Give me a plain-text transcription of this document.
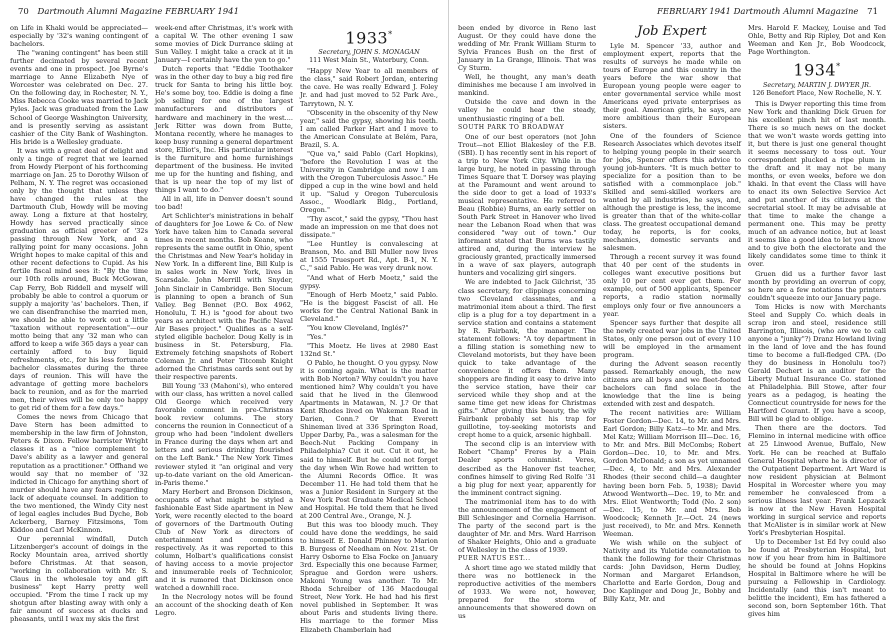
70 Dartmouth Alumni Magazine FEBRUARY 1941

on Life in Khaki would be appreciated—especially by '32's waning contingent of bachelors.

The "waning contingent" has been still further decimated by several recent events and one in prospect. Joe Byrne's marriage to Anne Elizabeth Nye of Worcester was celebrated on Dec. 27. On the following day, in Rochester, N. Y., Miss Rebecca Cooke was married to Jack Pyles. Jack was graduated from the Law School of George Washington University, and is presently serving as assistant cashier of the City Bank of Washington. His bride is a Wellesley graduate.

It was with a great deal of delight and only a tinge of regret that we learned from Howdy Pierpont of his forthcoming marriage on Jan. 25 to Dorothy Wilson of Pelham, N. Y. The regret was occasioned only by the thought that unless they have changed the rules at the Dartmouth Club, Howdy will be moving away. Long a fixture at that hostelry, Howdy has served practically since graduation as official greeter of '32s passing through New York, and a rallying point for many occasions. John Wright hopes to make capital of this and other recent defections to Cupid. As his fertile fiscal mind sees it: "By the time our 10th rolls around, Buck McGowan, Cap Ferry, Bob Riddell and myself will probably be able to control a quorum or supply a majority 'as' bachelors. Then, if we can disenfranchise the married men, we should be able to work out a little "taxation without representation"—our motto being that any '32 man who can afford to keep a wife 365 days a year can certainly afford to buy liquid refreshments, etc., for his less fortunate bachelor classmates during the three days of reunion. This will have the advantage of getting more bachelors back to reunion, and as for the married men, their wives will be only too happy to get rid of them for a few days."

Comes the news from Chicago that Dave Stern has been admitted to membership in the law firm of Johnston, Peters & Dixon. Fellow barrister Wright classes it as a "nice complement to Dave's ability as a lawyer and general reputation as a practitioner." Offhand we would say that no member of '32 indicted in Chicago for anything short of murder should have any fears regarding lack of adequate counsel. In addition to the two mentioned, the Windy City nest of legal eagles includes Bud Dyche, Bob Ackerberg, Barney Fitzsimons, Tom Kiddoo and Carl McKinnon.

Our perennial windfall, Dutch Litzenberger's account of doings in the Rocky Mountain area, arrived shortly before Christmas. At that season, "working in collaboration with Mr. S. Claus in the wholesale toy and gift business" kept Harry pretty well occupied. "From the time I rack up my shotgun after blasting away with only a fair amount of success at ducks and pheasants, until I wax my skis the first

week-end after Christmas, it's work with a capital W. The other evening I saw some movies of Dick Durrance skiing at Sun Valley. I might take a crack at it in January—I certainly have the yen to go."

Dutch reports that "Eddie Toothaker was in the other day to buy a big red fire truck for Santa to bring his little boy. He's some boy, too. Eddie is doing a fine job selling for one of the largest manufacturers and distributors of hardware and machinery in the west.... Jerk Ritter was down from Butte, Montana recently, where he manages to keep busy running a general department store, Elliot's, Inc. His particular interest is the furniture and home furnishings department of the business. He invited me up for the hunting and fishing, and that is up near the top of my list of things I want to do."

All in all, life in Denver doesn't sound too bad!

Art Schlichter's ministrations in behalf of daughters for Joe Lowe & Co. of New York have taken him to Canada several times in recent months. Bob Keane, who represents the same outfit in Ohio, spent the Christmas and New Year's holiday in New York. In a different line, Bill Kulp is in sales work in New York, lives in Scarsdale. John Merrill with Snyder, John Sinclair in Cambridge. Ben Slocum is planning to open a branch of Sun Valley. Beg Bennet (P.O. Box 4962, Honolulu, T. H.) is "good for about two years as architect with the Pacific Naval Air Bases project." Qualifies as a self-styled eligible bachelor. Doug Kelly is in business in St. Petersburg, Fla. Extremely fetching snapshots of Robert Coleman Jr. and Peter Titcomb Knight adorned the Christmas cards sent out by their respective parents.

Bill Young '33 (Mahoni's), who entered with our class, has written a novel called Old George which received very favorable comment in pre-Christmas book review columns. The story concerns the reunion in Connecticut of a group who had been "indolent dwellers in France during the days when art and letters and serious drinking flourished on the Left Bank." The New York Times reviewer styled it "an original and very up-to-date variant on the old American-in-Paris theme."

Mary Herbert and Bronson Dickinson, occupants of what might be styled a fashionable East Side apartment in New York, were recently elected to the board of governors of the Dartmouth Outing Club of New York as directors of entertainment and competitions respectively. As it was reported to this column, Holbart's qualifications consist of having access to a movie projector and innumerable reels of Technicolor, and it is rumored that Dickinson once watched a downhill race.

In the Necrology notes will be found an account of the shocking death of Ken Legro.

1933*
Secretary, JOHN S. MONAGAN
111 West Main St., Waterbury, Conn.

"Happy New Year to all members of the class," said Robert Jordan, entering the cave. He was really Edward J. Foley Jr. and had just moved to 52 Park Ave., Tarrytown, N. Y.

"Obscenity in the obscenity of thy New year," said the gypsy, showing his teeth. I am called Parker Hart and I move to the American Consulate at Belém, Para, Brazil, S. A.

"Que va," said Pablo (Carl Hopkins), "before the Revolution I was at the University in Cambridge and now I am with the Oregon Tuberculosis Assoc." He dipped a cup in the wine bowl and held it up. "Salud y Oregon Tuberculosis Assoc., Woodlark Bldg., Portland, Oregon."

"Thy ascot," said the gypsy, "Thou hast made an impression on me that does not dissipate."

"Lee Huntley is convalescing at Branson, Mo. and Bill Muller now lives at 1555 Truesport Rd., Apt. B-1, N. Y. C.," said Pablo. He was very drunk now.

"And what of Herb Moetz," said the gypsy.

"Enough of Herb Moetz," said Pablo. "He is the biggest Fascist of all. He works for the Central National Bank in Cleveland."

"You know Cleveland, Inglés?"

"Yes."

"This Moetz. He lives at 2980 East 132nd St."

O Pablo, he thought. O you gypsy. Now it is coming again. What is the matter with Bob Norton? Why couldn't you have mentioned him? Why couldn't you have said that he lived in the Glenwood Apartments in Matawan, N. J.? Or that Kent Rhodes lived on Wakeman Road in Darien, Conn.? Or that Everett Shineman lived at 336 Springton Road, Upper Darby, Pa., was a salesman for the Beech-Nut Packing Company in Philadelphia? Cut it out. Cut it out, he said to himself. But he could not forget the day when Win Rowe had written to the Alumni Records Office. It was December 11. He had told them that he was a Junior Resident in Surgery at the New York Post Graduate Medical School and Hospital. He told them that he lived at 200 Central Ave., Orange, N. J.

But this was too bloody much. They could have done the weddings, he said to himself. E. Donald Phinney to Marion B. Burgess of Needham on Nov. 21st. Or Harry Osborne to Elsa Focke on January 3rd. Especially this one because Farmer, Sprague and Gordon were ushers. Makoni Young was another. To Mr. Rhoda Schreiber of 136 Macdougal Street, New York. He had had his first novel published in September. It was about Paris and students living there. His marriage to the former Miss Elizabeth Chamberlain had

FEBRUARY 1941 Dartmouth Alumni Magazine 71

been ended by divorce in Reno last August. Or they could have done the wedding of Mr. Frank William Sturm to Sylvia Frances Bush on the first of January in La Grange, Illinois. That was Cy Sturm.

Well, he thought, any man's death diminishes me because I am involved in mankind.

Outside the cave and down in the valley he could hear the steady, unenthusiastic ringing of a bell.

SOUTH PARK TO BROADWAY

One of our best operators (not John Trout—not Elliot Blakesley of the F.B. (SBI). I) has recently sent in his report of a trip to New York City. While in the large burg, he noted in passing through Times Square that T. Dorsey was playing at the Paramount and went around to the side door to get a load of 1933's musical representative. He referred to Beau (Robbie) Burns, an early settler on South Park Street in Hanover who lived near the Lebanon Road when that was considered "way out of town." Our informant stated that Burns was tastily attired and, during the interview he graciously granted, practically immersed in a wave of sax players, autograph hunters and vocalizing girl singers.

We are indebted to Jack Gilchrist, '35 class secretary, for clippings concerning two Cleveland classmates, and a matrimonial item about a third. The first clip is a plug for a toy department in a service station and contains a statement by R. Fairbank, the manager. The statement follows: "A toy department in a filling station is something new to Cleveland motorists, but they have been quick to take advantage of the convenience it offers them. Many shoppers are finding it easy to drive into the service station, have their car serviced while they shop and at the same time get new ideas for Christmas gifts." After giving this beauty, the wily Fairbank probably set his trap for guillotine, toy-seeking motorists and crept home to a quick, arsenic highball.

The second clip is an interview with Robert "Champ" Freres by a Plain Dealer sports columnist. Veres, described as the Hanover fist teacher, confines himself to giving Red Rolfe '31 a big plug for next year, apparently for the imminent contract signing.

The matrimonial item has to do with the announcement of the engagement of Bill Schlesinger and Cornelia Harrison. The party of the second part is the daughter of Mr. and Mrs. Ward Harrison of Shaker Heights, Ohio and a graduate of Wellesley in the class of 1939.

PUER NATUS EST...

A short time ago we stated mildly that there was no bottleneck in the reproductive activities of the members of 1933. We were not, however, prepared for the storm of announcements that showered down on us

Job Expert

Lyle M. Spencer '33, author and employment expert, reports that the results of surveys he made while on tours of Europe and this country in the years before the war show that European young people were eager to enter governmental service while most Americans eyed private enterprises as their goal. American girls, he says, are more ambitious than their European sisters.

One of the founders of Science Research Associates which devotes itself to helping young people in their search for jobs, Spencer offers this advice to young job-hunters. "It is much better to specialize for a position than to be satisfied with a commonplace job." Skilled and semi-skilled workers are wanted by all industries, he says, and, although the prestige is less, the income is greater than that of the white-collar class. The greatest occupational demand today, he reports, is for cooks, mechanics, domestic servants and salesmen.

Through a recent survey it was found that 40 per cent of the students in colleges want executive positions but only 10 per cent ever get them. For example, out of 500 applicants, Spencer reports, a radio station normally employs only four or five announcers a year.

Spencer says further that despite all the newly created war jobs in the United States, only one person out of every 110 will be employed in the armament program.

during the Advent season recently passed. Remarkably enough, the new citizens are all boys and we fleet-footed bachelors can find solace in the knowledge that the line is being extended with zest and despatch.

The recent nativities are: William Foster Gordon—Dec. 14, to Mr. and Mrs. Earl Gordon; Billy Katz—to Mr. and Mrs. Mel Katz; William Morrison III—Dec. 16, to Mr. and Mrs. Bill McCombs; Robert Gordon—Dec. 10, to Mr. and Mrs. Gordon McDonald; a son as yet unnamed—Dec. 4, to Mr. and Mrs. Alexander Rhodes (their second child—a daughter having been born Feb. 5, 1938); David Atwood Wentworth—Dec. 19, to Mr. and Mrs. Eliot Wentworth; Todd (No. 2 son)—Dec. 15, to Mr. and Mrs. Bob Woodcock; Kenneth Jr.—Oct. 24 (news just received), to Mr. and Mrs. Kenneth Weeman.

We wish while on the subject of Nativity and its Yuletide connotation to thank the following for their Christmas cards: John Davidson, Herm Dudley, Norman and Margaret Erlandson, Charlotte and Earle Gordon, Doug and Doc Kaplinger and Doug Jr., Bobby and Billy Katz, Mr. and

Mrs. Harold F. Mackey, Louise and Ted Ohle, Betty and Rip Ripley, Dot and Ken Weeman and Ken Jr., Bob Woodcock, Page Worthington.

1934*
Secretary, MARTIN J. DWYER JR.
126 Benefort Place, New Rochelle, N. Y.

This is Dwyer reporting this time from New York and thanking Dick Gruen for his excellent pinch hit of last month. There is so much news on the docket that we won't waste words getting into it, but there is just one general thought it seems necessary to toss out. Your correspondent plucked a ripe plum in the draft and it may not be many months, or even weeks, before we don khaki. In that event the Class will have to enact its own Selective Service Act and put another of its citizens at the secretarial stool. It may be advisable at that time to make the change a permanent one. This may be pretty much of an advance notice, but at least it seems like a good idea to let you know and to give both the electorate and the likely candidates some time to think it over.

Gruen did us a further favor last month by providing an overrun of copy, so here are a few notations the printers couldn't squeeze into our January page.

Tom Hicks is now with Merchants Steel and Supply Co. which deals in scrap iron and steel, residence still Barrington, Illinois, (who are we to call anyone a "junky"?) Dranz Howland living in the land of love and the has found time to become a full-fledged CPA. (Do they do business in Honolulu too?) Gerald Dechert is an auditor for the Liberty Mutual Insurance Co. stationed at Philadelphia. Bill Stowe, after four years as a pedagog, is heating the Connecticut countryside for news for the Hartford Courant. If you have a scoop, Bill will be glad to oblige.

Then there are the doctors. Ted Flemino in internal medicine with office at 25 Linwood Avenue, Buffalo, New York. He can be reached at Buffalo General Hospital where he is director of the Outpatient Department. Art Ward is now resident physician at Belmont Hospital in Worcester where you may remember he convalesced from a serious illness last year. Frank Lepzack is now at the New Haven Hospital working in surgical service and reports that McAlister is in similar work at New York's Presbyterian Hospital.

Up to December 1st Ed Ivy could also be found at Presbyterian Hospital, but now if you hear from him in Baltimore he should be found at Johns Hopkins Hospital in Baltimore where he will be pursuing a Fellowship in Cardiology. Incidentally (and this isn't meant to belittle the incident), Em has fathered a second son, born September 16th. That gives him
